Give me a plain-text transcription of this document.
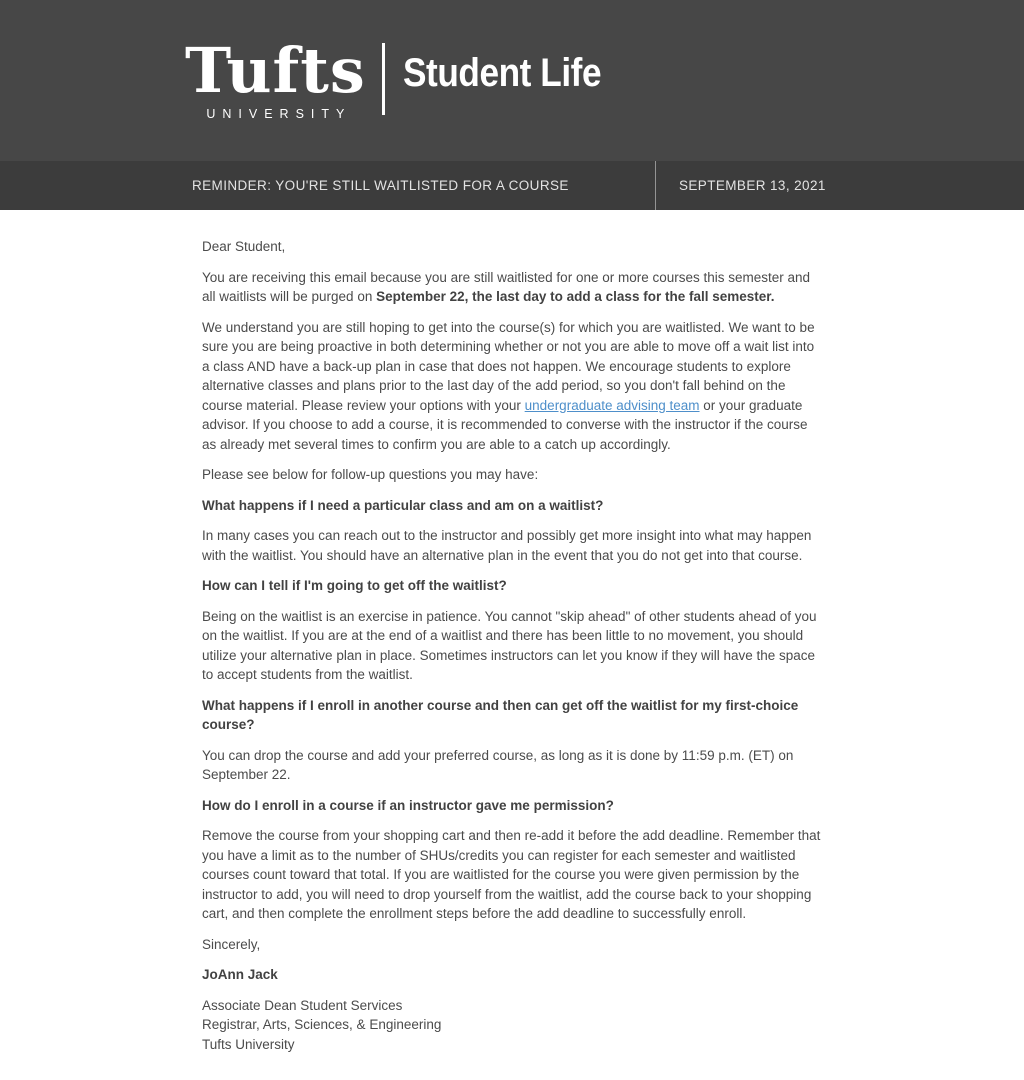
Tufts
UNIVERSITY
Student Life
REMINDER: YOU'RE STILL WAITLISTED FOR A COURSE	SEPTEMBER 13, 2021

Dear Student,

You are receiving this email because you are still waitlisted for one or more courses this semester and all waitlists will be purged on September 22, the last day to add a class for the fall semester.

We understand you are still hoping to get into the course(s) for which you are waitlisted. We want to be sure you are being proactive in both determining whether or not you are able to move off a wait list into a class AND have a back-up plan in case that does not happen. We encourage students to explore alternative classes and plans prior to the last day of the add period, so you don't fall behind on the course material. Please review your options with your undergraduate advising team or your graduate advisor. If you choose to add a course, it is recommended to converse with the instructor if the course as already met several times to confirm you are able to a catch up accordingly.

Please see below for follow-up questions you may have:

What happens if I need a particular class and am on a waitlist?

In many cases you can reach out to the instructor and possibly get more insight into what may happen with the waitlist. You should have an alternative plan in the event that you do not get into that course.

How can I tell if I'm going to get off the waitlist?

Being on the waitlist is an exercise in patience. You cannot "skip ahead" of other students ahead of you on the waitlist. If you are at the end of a waitlist and there has been little to no movement, you should utilize your alternative plan in place. Sometimes instructors can let you know if they will have the space to accept students from the waitlist.

What happens if I enroll in another course and then can get off the waitlist for my first-choice course?

You can drop the course and add your preferred course, as long as it is done by 11:59 p.m. (ET) on September 22.

How do I enroll in a course if an instructor gave me permission?

Remove the course from your shopping cart and then re-add it before the add deadline. Remember that you have a limit as to the number of SHUs/credits you can register for each semester and waitlisted courses count toward that total. If you are waitlisted for the course you were given permission by the instructor to add, you will need to drop yourself from the waitlist, add the course back to your shopping cart, and then complete the enrollment steps before the add deadline to successfully enroll.

Sincerely,

JoAnn Jack

Associate Dean Student Services
Registrar, Arts, Sciences, & Engineering
Tufts University
